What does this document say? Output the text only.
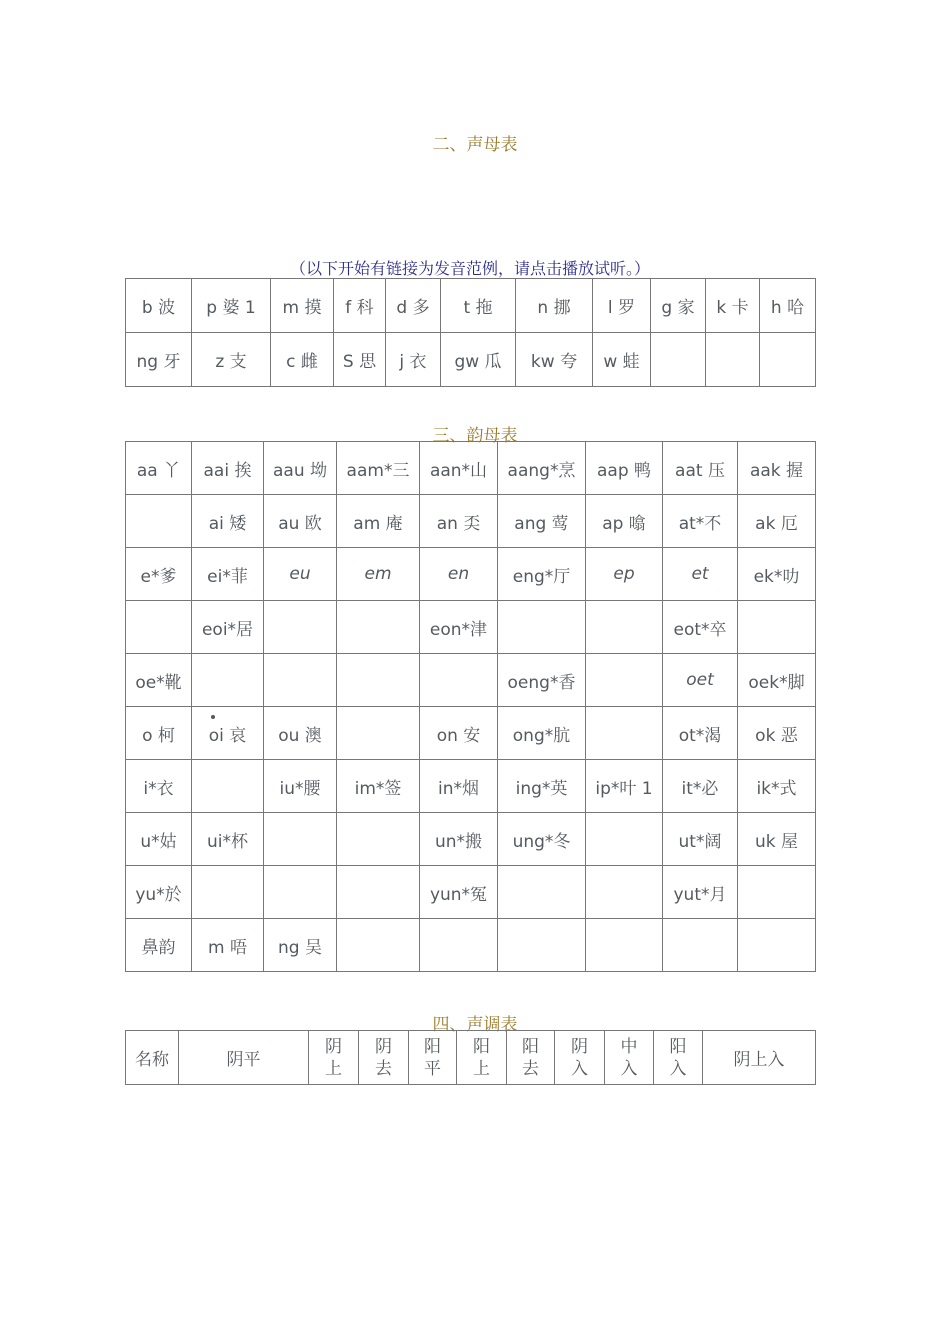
二、声母表
（以下开始有链接为发音范例，请点击播放试听。）
b 波	p 婆 1	m 摸	f 科	d 多	t 拖	n 挪	l 罗	g 家	k 卡	h 哈
ng 牙	z 支	c 雌	S 思	j 衣	gw 瓜	kw 夸	w 蛙			
三、韵母表
aa 丫	aai 挨	aau 坳	aam*三	aan*山	aang*烹	aap 鸭	aat 压	aak 握
	ai 矮	au 欧	am 庵	an 奀	ang 莺	ap 噏	at*不	ak 厄
e*爹	ei*菲	eu	em	en	eng*厅	ep	et	ek*叻
	eoi*居			eon*津			eot*卒	
oe*靴					oeng*香		oet	oek*脚
o 柯	oi 哀	ou 澳		on 安	ong*肮		ot*渴	ok 恶
i*衣		iu*腰	im*签	in*烟	ing*英	ip*叶 1	it*必	ik*式
u*姑	ui*杯			un*搬	ung*冬		ut*阔	uk 屋
yu*於				yun*冤			yut*月	
鼻韵	m 唔	ng 吴						
四、声调表
名称	阴平	阴上	阴去	阳平	阳上	阳去	阴入	中入	阳入	阴上入
